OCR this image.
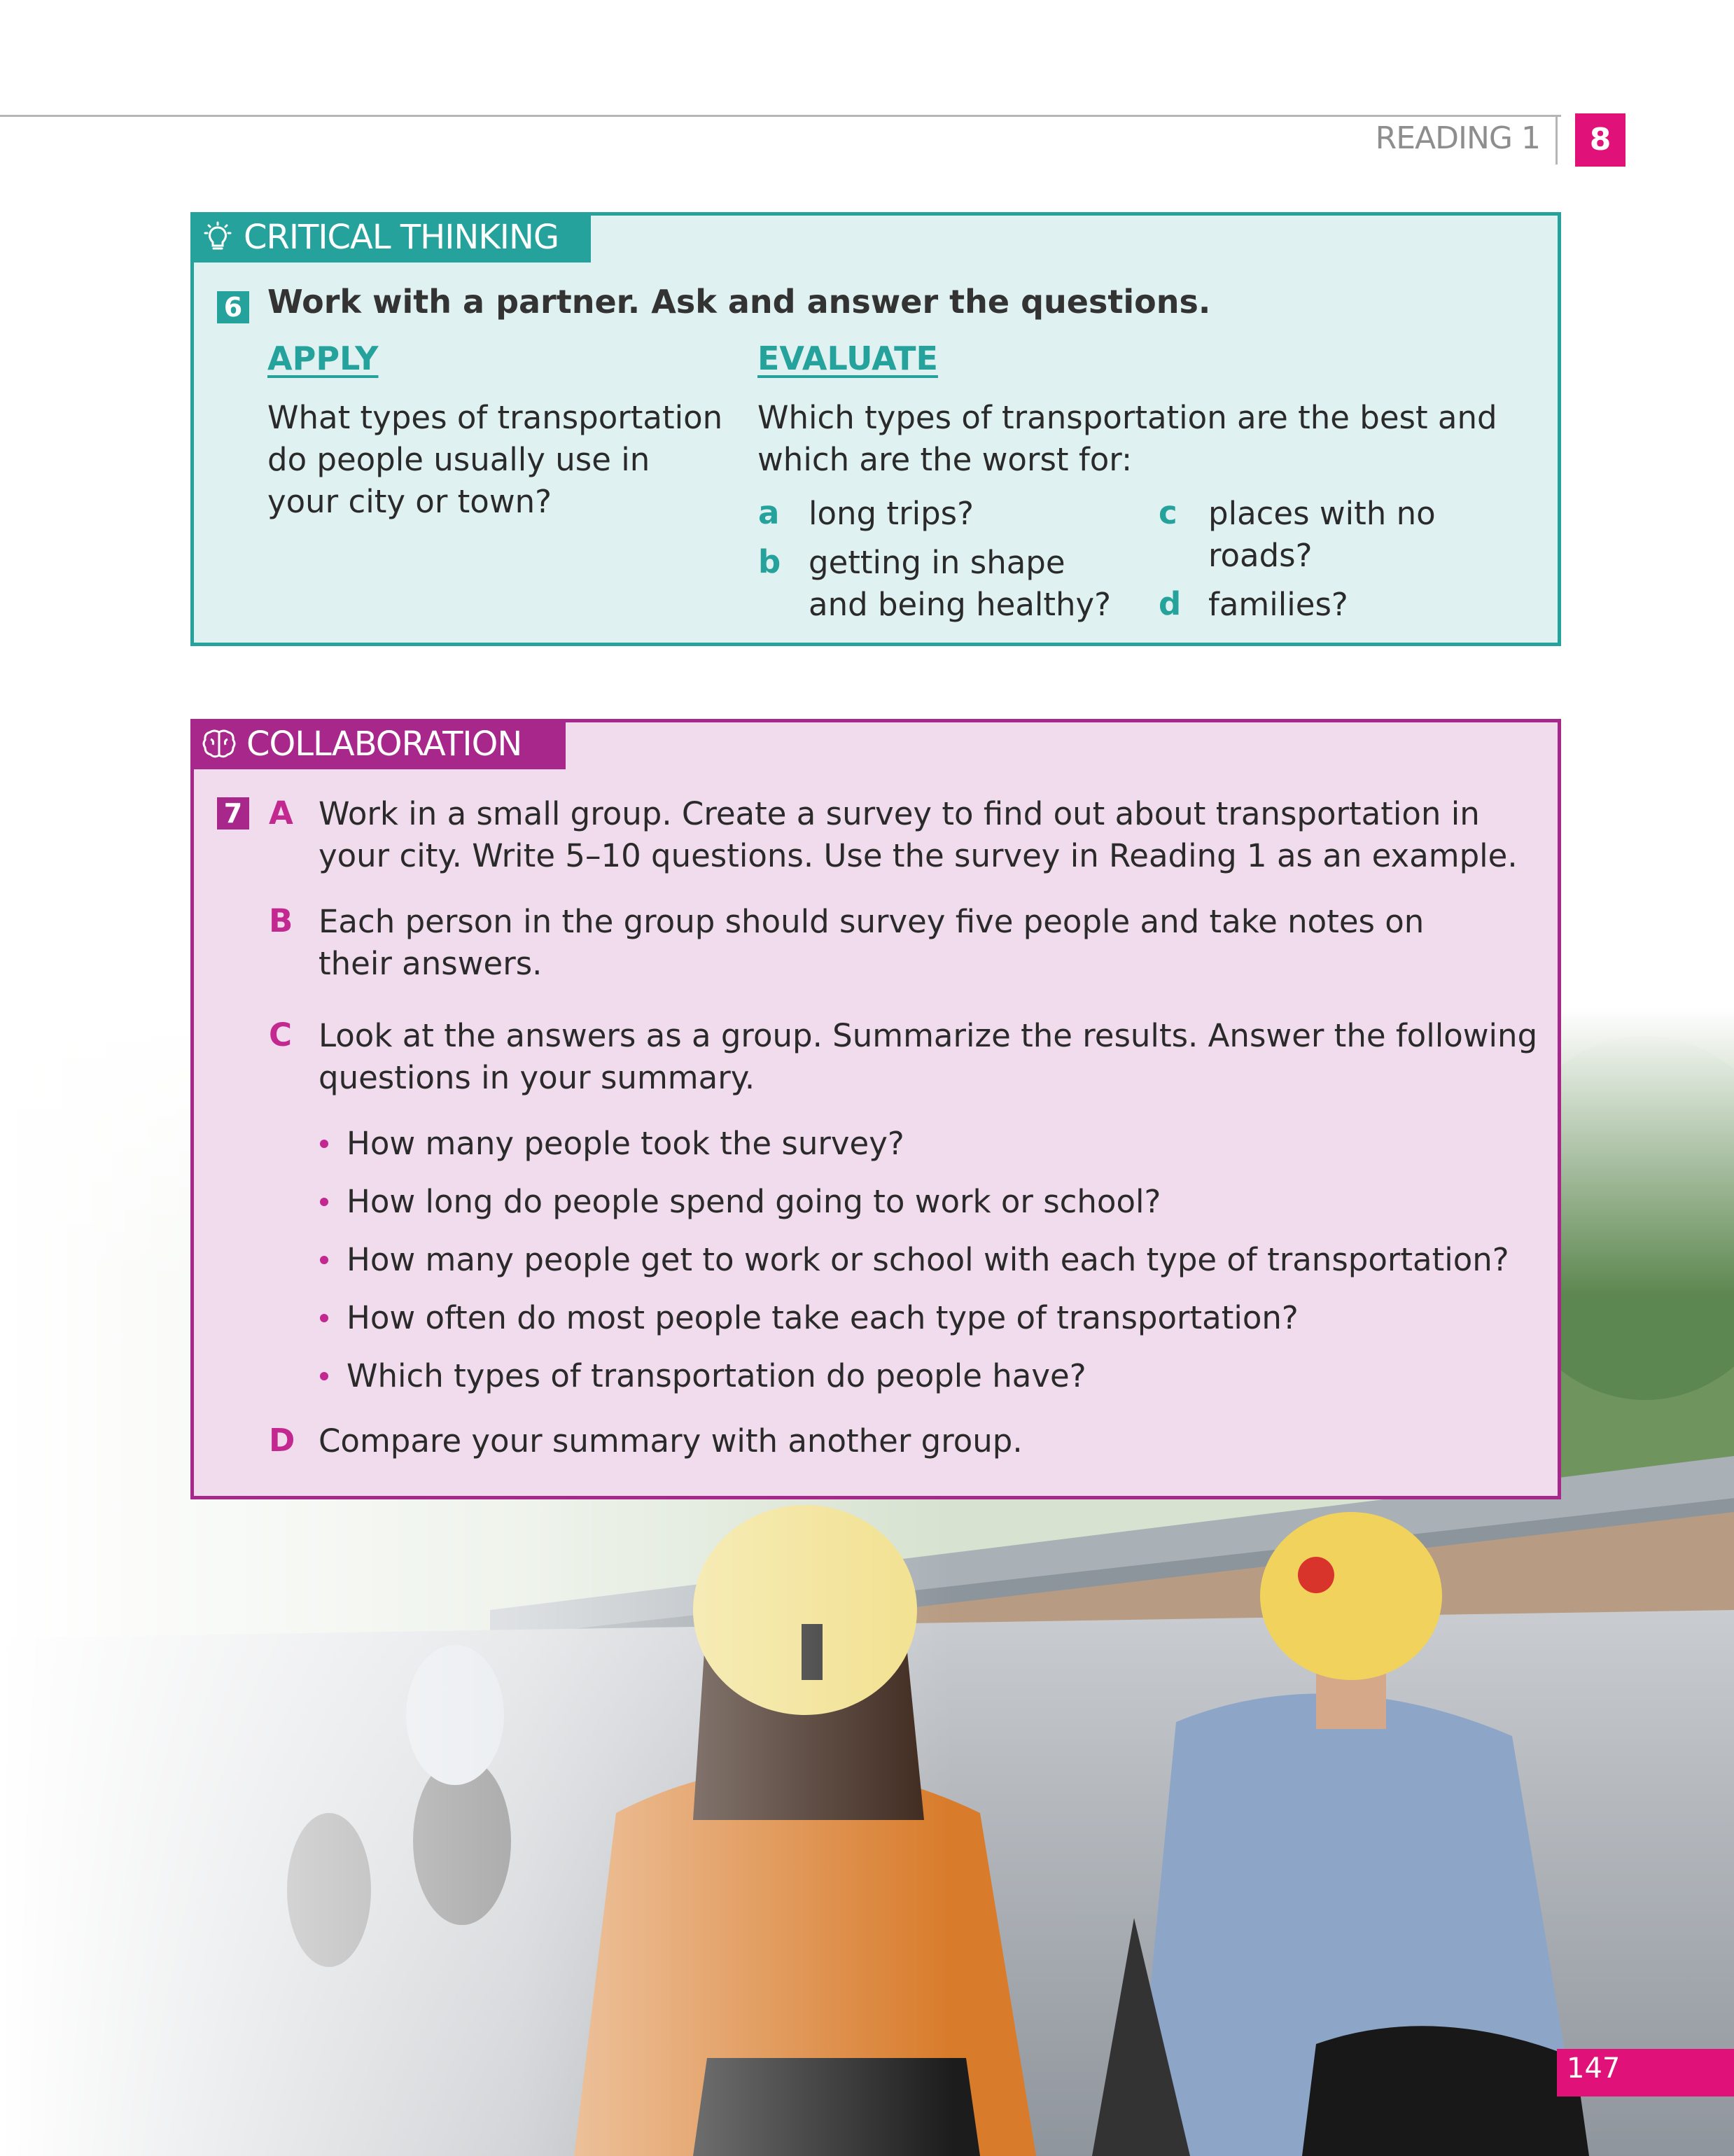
READING 1	8
CRITICAL THINKING
6 Work with a partner. Ask and answer the questions.
APPLY
What types of transportation
do people usually use in
your city or town?
EVALUATE
Which types of transportation are the best and
which are the worst for:
a long trips?
b getting in shape
and being healthy?
c places with no
roads?
d families?
COLLABORATION
7 A Work in a small group. Create a survey to find out about transportation in
your city. Write 5–10 questions. Use the survey in Reading 1 as an example.
B Each person in the group should survey five people and take notes on
their answers.
C Look at the answers as a group. Summarize the results. Answer the following
questions in your summary.
How many people took the survey?
How long do people spend going to work or school?
How many people get to work or school with each type of transportation?
How often do most people take each type of transportation?
Which types of transportation do people have?
D Compare your summary with another group.
147
